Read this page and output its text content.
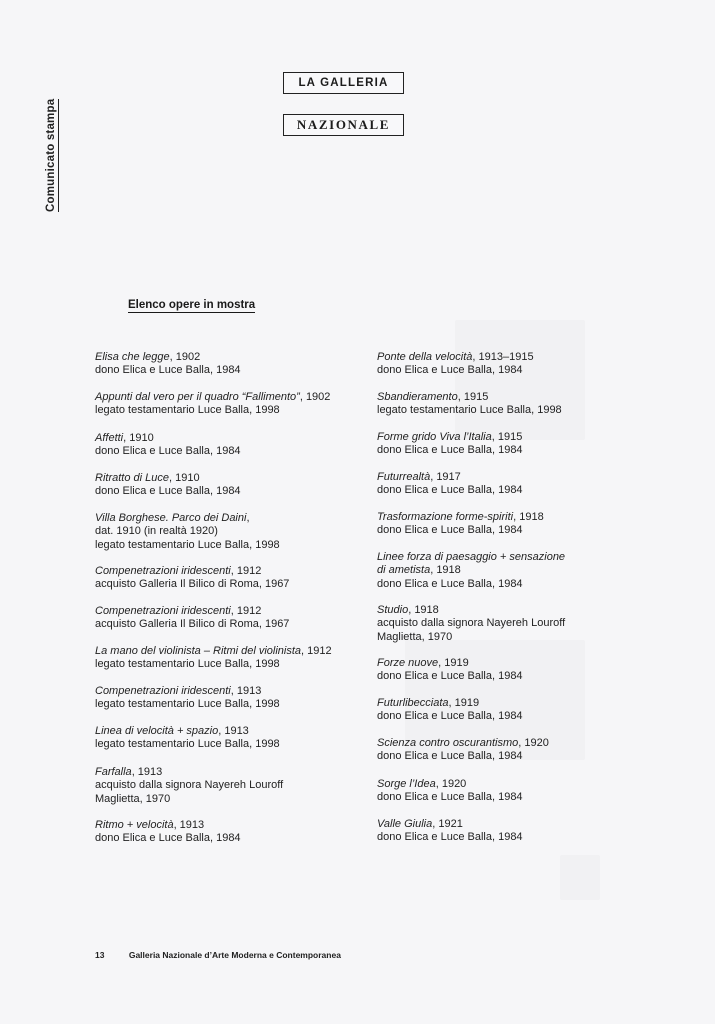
Comunicato stampa
LA GALLERIA
NAZIONALE
Elenco opere in mostra
Elisa che legge, 1902
dono Elica e Luce Balla, 1984
Appunti dal vero per il quadro “Fallimento”, 1902
legato testamentario Luce Balla, 1998
Affetti, 1910
dono Elica e Luce Balla, 1984
Ritratto di Luce, 1910
dono Elica e Luce Balla, 1984
Villa Borghese. Parco dei Daini,
dat. 1910 (in realtà 1920)
legato testamentario Luce Balla, 1998
Compenetrazioni iridescenti, 1912
acquisto Galleria Il Bilico di Roma, 1967
Compenetrazioni iridescenti, 1912
acquisto Galleria Il Bilico di Roma, 1967
La mano del violinista – Ritmi del violinista, 1912
legato testamentario Luce Balla, 1998
Compenetrazioni iridescenti, 1913
legato testamentario Luce Balla, 1998
Linea di velocità + spazio, 1913
legato testamentario Luce Balla, 1998
Farfalla, 1913
acquisto dalla signora Nayereh Louroff
Maglietta, 1970
Ritmo + velocità, 1913
dono Elica e Luce Balla, 1984
Ponte della velocità, 1913–1915
dono Elica e Luce Balla, 1984
Sbandieramento, 1915
legato testamentario Luce Balla, 1998
Forme grido Viva l’Italia, 1915
dono Elica e Luce Balla, 1984
Futurrealtà, 1917
dono Elica e Luce Balla, 1984
Trasformazione forme-spiriti, 1918
dono Elica e Luce Balla, 1984
Linee forza di paesaggio + sensazione
di ametista, 1918
dono Elica e Luce Balla, 1984
Studio, 1918
acquisto dalla signora Nayereh Louroff
Maglietta, 1970
Forze nuove, 1919
dono Elica e Luce Balla, 1984
Futurlibecciata, 1919
dono Elica e Luce Balla, 1984
Scienza contro oscurantismo, 1920
dono Elica e Luce Balla, 1984
Sorge l’Idea, 1920
dono Elica e Luce Balla, 1984
Valle Giulia, 1921
dono Elica e Luce Balla, 1984
13	Galleria Nazionale d’Arte Moderna e Contemporanea
